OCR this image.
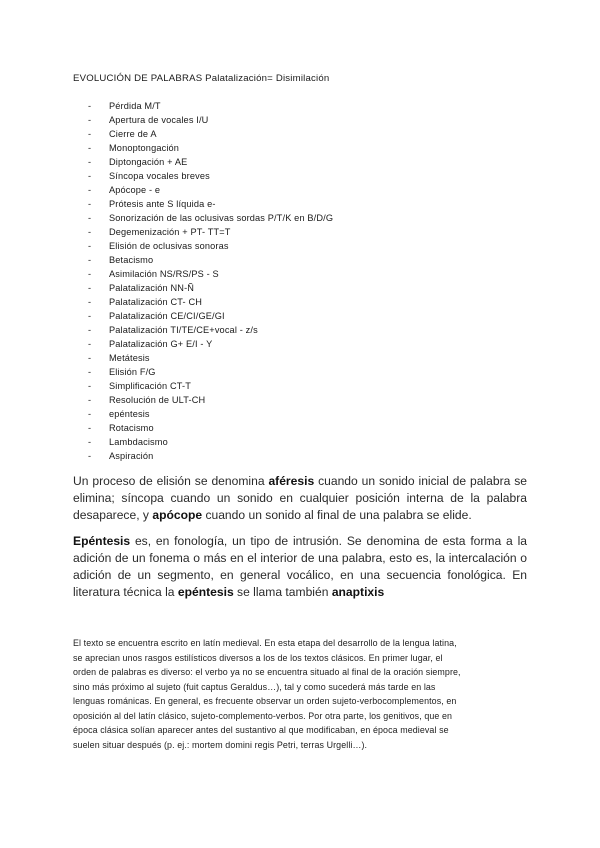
EVOLUCIÓN DE PALABRAS Palatalización= Disimilación
- Pérdida M/T
- Apertura de vocales I/U
- Cierre de A
- Monoptongación
- Diptongación + AE
- Síncopa vocales breves
- Apócope - e
- Prótesis ante S líquida e-
- Sonorización de las oclusivas sordas P/T/K en B/D/G
- Degemenización + PT- TT=T
- Elisión de oclusivas sonoras
- Betacismo
- Asimilación NS/RS/PS - S
- Palatalización NN-Ñ
- Palatalización CT- CH
- Palatalización CE/CI/GE/GI
- Palatalización TI/TE/CE+vocal - z/s
- Palatalización G+ E/I - Y
- Metátesis
- Elisión F/G
- Simplificación CT-T
- Resolución de ULT-CH
- epéntesis
- Rotacismo
- Lambdacismo
- Aspiración

Un proceso de elisión se denomina aféresis cuando un sonido inicial de palabra se elimina; síncopa cuando un sonido en cualquier posición interna de la palabra desaparece, y apócope cuando un sonido al final de una palabra se elide.

Epéntesis es, en fonología, un tipo de intrusión. Se denomina de esta forma a la adición de un fonema o más en el interior de una palabra, esto es, la intercalación o adición de un segmento, en general vocálico, en una secuencia fonológica. En literatura técnica la epéntesis se llama también anaptixis

El texto se encuentra escrito en latín medieval. En esta etapa del desarrollo de la lengua latina,
se aprecian unos rasgos estilísticos diversos a los de los textos clásicos. En primer lugar, el
orden de palabras es diverso: el verbo ya no se encuentra situado al final de la oración siempre,
sino más próximo al sujeto (fuit captus Geraldus…), tal y como sucederá más tarde en las
lenguas románicas. En general, es frecuente observar un orden sujeto-verbocomplementos, en
oposición al del latín clásico, sujeto-complemento-verbos. Por otra parte, los genitivos, que en
época clásica solían aparecer antes del sustantivo al que modificaban, en época medieval se
suelen situar después (p. ej.: mortem domini regis Petri, terras Urgelli…).
